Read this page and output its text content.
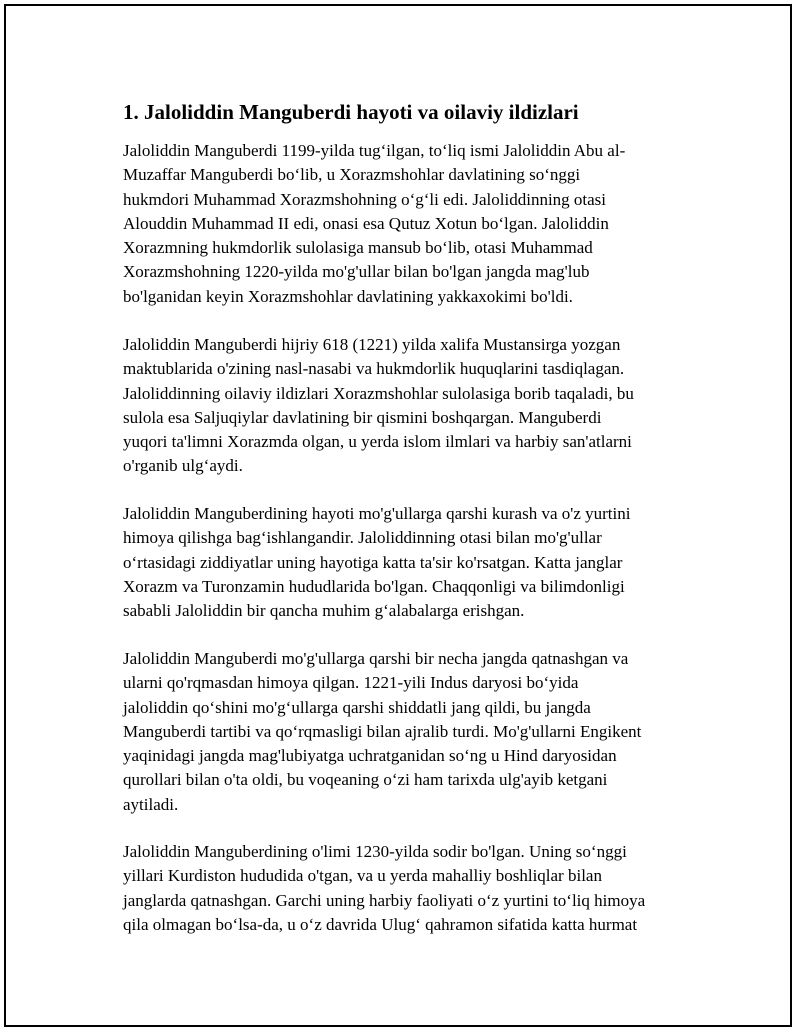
1. Jaloliddin Manguberdi hayoti va oilaviy ildizlari

Jaloliddin Manguberdi 1199-yilda tug‘ilgan, to‘liq ismi Jaloliddin Abu al-
Muzaffar Manguberdi bo‘lib, u Xorazmshohlar davlatining so‘nggi
hukmdori Muhammad Xorazmshohning o‘g‘li edi. Jaloliddinning otasi
Alouddin Muhammad II edi, onasi esa Qutuz Xotun bo‘lgan. Jaloliddin
Xorazmning hukmdorlik sulolasiga mansub bo‘lib, otasi Muhammad
Xorazmshohning 1220-yilda mo'g'ullar bilan bo'lgan jangda mag'lub
bo'lganidan keyin Xorazmshohlar davlatining yakkaxokimi bo'ldi.

Jaloliddin Manguberdi hijriy 618 (1221) yilda xalifa Mustansirga yozgan
maktublarida o'zining nasl-nasabi va hukmdorlik huquqlarini tasdiqlagan.
Jaloliddinning oilaviy ildizlari Xorazmshohlar sulolasiga borib taqaladi, bu
sulola esa Saljuqiylar davlatining bir qismini boshqargan. Manguberdi
yuqori ta'limni Xorazmda olgan, u yerda islom ilmlari va harbiy san'atlarni
o'rganib ulg‘aydi.

Jaloliddin Manguberdining hayoti mo'g'ullarga qarshi kurash va o'z yurtini
himoya qilishga bag‘ishlangandir. Jaloliddinning otasi bilan mo'g'ullar
o‘rtasidagi ziddiyatlar uning hayotiga katta ta'sir ko'rsatgan. Katta janglar
Xorazm va Turonzamin hududlarida bo'lgan. Chaqqonligi va bilimdonligi
sababli Jaloliddin bir qancha muhim g‘alabalarga erishgan.

Jaloliddin Manguberdi mo'g'ullarga qarshi bir necha jangda qatnashgan va
ularni qo'rqmasdan himoya qilgan. 1221-yili Indus daryosi bo‘yida
jaloliddin qo‘shini mo'g‘ullarga qarshi shiddatli jang qildi, bu jangda
Manguberdi tartibi va qo‘rqmasligi bilan ajralib turdi. Mo'g'ullarni Engikent
yaqinidagi jangda mag'lubiyatga uchratganidan so‘ng u Hind daryosidan
qurollari bilan o'ta oldi, bu voqeaning o‘zi ham tarixda ulg'ayib ketgani
aytiladi.

Jaloliddin Manguberdining o'limi 1230-yilda sodir bo'lgan. Uning so‘nggi
yillari Kurdiston hududida o'tgan, va u yerda mahalliy boshliqlar bilan
janglarda qatnashgan. Garchi uning harbiy faoliyati o‘z yurtini to‘liq himoya
qila olmagan bo‘lsa-da, u o‘z davrida Ulug‘ qahramon sifatida katta hurmat
